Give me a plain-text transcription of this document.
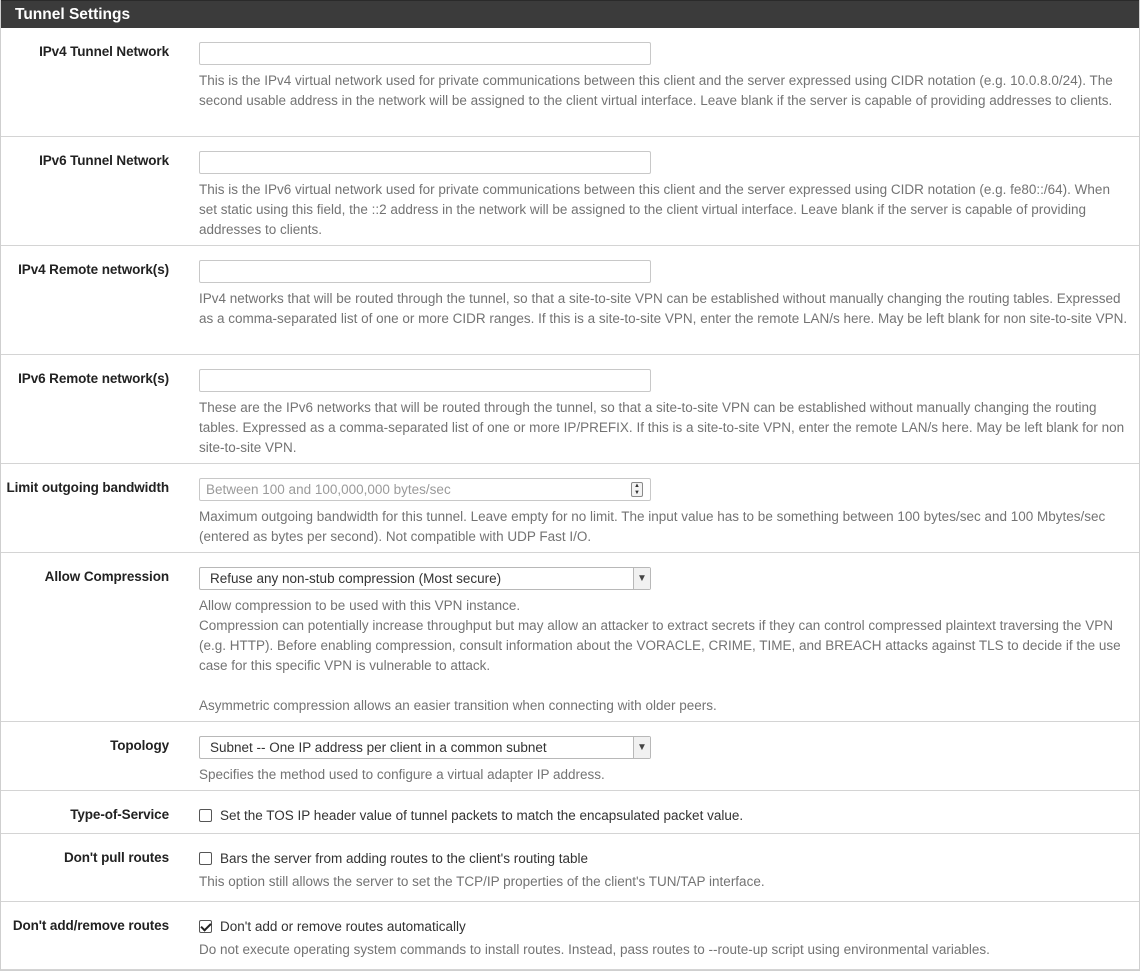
Tunnel Settings
IPv4 Tunnel Network

This is the IPv4 virtual network used for private communications between this client and the server expressed using CIDR notation (e.g. 10.0.8.0/24). The second usable address in the network will be assigned to the client virtual interface. Leave blank if the server is capable of providing addresses to clients.

IPv6 Tunnel Network

This is the IPv6 virtual network used for private communications between this client and the server expressed using CIDR notation (e.g. fe80::/64). When set static using this field, the ::2 address in the network will be assigned to the client virtual interface. Leave blank if the server is capable of providing addresses to clients.

IPv4 Remote network(s)

IPv4 networks that will be routed through the tunnel, so that a site-to-site VPN can be established without manually changing the routing tables. Expressed as a comma-separated list of one or more CIDR ranges. If this is a site-to-site VPN, enter the remote LAN/s here. May be left blank for non site-to-site VPN.

IPv6 Remote network(s)

These are the IPv6 networks that will be routed through the tunnel, so that a site-to-site VPN can be established without manually changing the routing tables. Expressed as a comma-separated list of one or more IP/PREFIX. If this is a site-to-site VPN, enter the remote LAN/s here. May be left blank for non site-to-site VPN.

Limit outgoing bandwidth
Between 100 and 100,000,000 bytes/sec	▲
▼

Maximum outgoing bandwidth for this tunnel. Leave empty for no limit. The input value has to be something between 100 bytes/sec and 100 Mbytes/sec (entered as bytes per second). Not compatible with UDP Fast I/O.

Allow Compression	Refuse any non-stub compression (Most secure)	▼

Allow compression to be used with this VPN instance.

Compression can potentially increase throughput but may allow an attacker to extract secrets if they can control compressed plaintext traversing the VPN (e.g. HTTP). Before enabling compression, consult information about the VORACLE, CRIME, TIME, and BREACH attacks against TLS to decide if the use case for this specific VPN is vulnerable to attack.

Asymmetric compression allows an easier transition when connecting with older peers.

Topology	Subnet -- One IP address per client in a common subnet	▼

Specifies the method used to configure a virtual adapter IP address.

Type-of-Service	Set the TOS IP header value of tunnel packets to match the encapsulated packet value.
Don't pull routes	Bars the server from adding routes to the client's routing table

This option still allows the server to set the TCP/IP properties of the client's TUN/TAP interface.

Don't add/remove routes	Don't add or remove routes automatically

Do not execute operating system commands to install routes. Instead, pass routes to --route-up script using environmental variables.
